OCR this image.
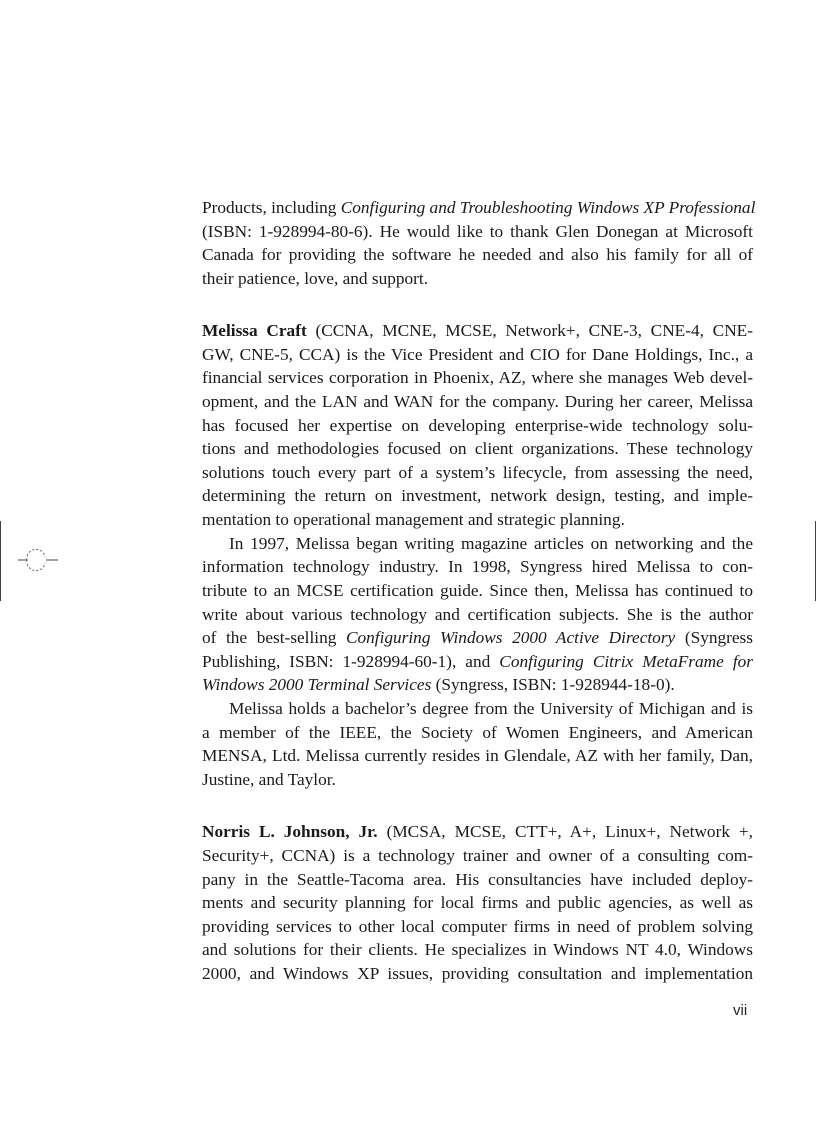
Products, including Configuring and Troubleshooting Windows XP Professional
(ISBN: 1-928994-80-6). He would like to thank Glen Donegan at Microsoft
Canada for providing the software he needed and also his family for all of
their patience, love, and support.
Melissa Craft (CCNA, MCNE, MCSE, Network+, CNE-3, CNE-4, CNE-
GW, CNE-5, CCA) is the Vice President and CIO for Dane Holdings, Inc., a
financial services corporation in Phoenix, AZ, where she manages Web devel-
opment, and the LAN and WAN for the company. During her career, Melissa
has focused her expertise on developing enterprise-wide technology solu-
tions and methodologies focused on client organizations. These technology
solutions touch every part of a system’s lifecycle, from assessing the need,
determining the return on investment, network design, testing, and imple-
mentation to operational management and strategic planning.
In 1997, Melissa began writing magazine articles on networking and the
information technology industry. In 1998, Syngress hired Melissa to con-
tribute to an MCSE certification guide. Since then, Melissa has continued to
write about various technology and certification subjects. She is the author
of the best-selling Configuring Windows 2000 Active Directory (Syngress
Publishing, ISBN: 1-928994-60-1), and Configuring Citrix MetaFrame for
Windows 2000 Terminal Services (Syngress, ISBN: 1-928944-18-0).
Melissa holds a bachelor’s degree from the University of Michigan and is
a member of the IEEE, the Society of Women Engineers, and American
MENSA, Ltd. Melissa currently resides in Glendale, AZ with her family, Dan,
Justine, and Taylor.
Norris L. Johnson, Jr. (MCSA, MCSE, CTT+, A+, Linux+, Network +,
Security+, CCNA) is a technology trainer and owner of a consulting com-
pany in the Seattle-Tacoma area. His consultancies have included deploy-
ments and security planning for local firms and public agencies, as well as
providing services to other local computer firms in need of problem solving
and solutions for their clients. He specializes in Windows NT 4.0, Windows
2000, and Windows XP issues, providing consultation and implementation
vii
